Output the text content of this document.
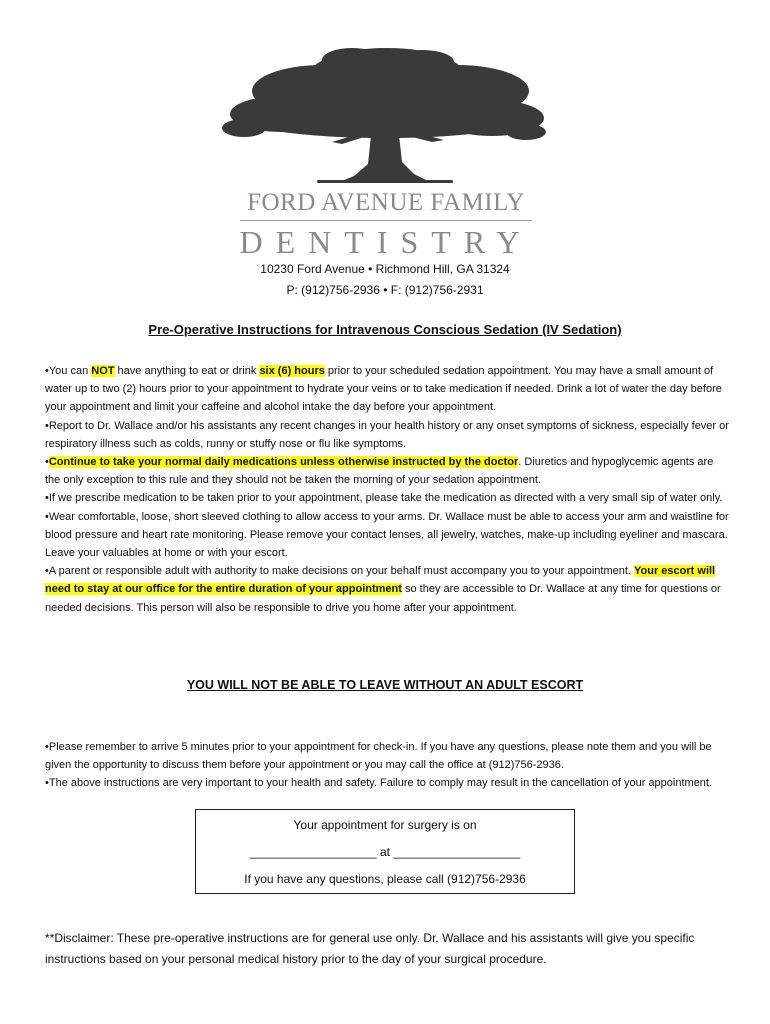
FORD AVENUE FAMILY
DENTISTRY
10230 Ford Avenue • Richmond Hill, GA 31324
P: (912)756-2936 • F: (912)756-2931
Pre-Operative Instructions for Intravenous Conscious Sedation (IV Sedation)

•You can NOT have anything to eat or drink six (6) hours prior to your scheduled sedation appointment. You may have a small amount of water up to two (2) hours prior to your appointment to hydrate your veins or to take medication if needed. Drink a lot of water the day before your appointment and limit your caffeine and alcohol intake the day before your appointment.

•Report to Dr. Wallace and/or his assistants any recent changes in your health history or any onset symptoms of sickness, especially fever or respiratory illness such as colds, runny or stuffy nose or flu like symptoms.

•Continue to take your normal daily medications unless otherwise instructed by the doctor. Diuretics and hypoglycemic agents are the only exception to this rule and they should not be taken the morning of your sedation appointment.

•If we prescribe medication to be taken prior to your appointment, please take the medication as directed with a very small sip of water only.

•Wear comfortable, loose, short sleeved clothing to allow access to your arms. Dr. Wallace must be able to access your arm and waistline for blood pressure and heart rate monitoring. Please remove your contact lenses, all jewelry, watches, make-up including eyeliner and mascara. Leave your valuables at home or with your escort.

•A parent or responsible adult with authority to make decisions on your behalf must accompany you to your appointment. Your escort will need to stay at our office for the entire duration of your appointment so they are accessible to Dr. Wallace at any time for questions or needed decisions. This person will also be responsible to drive you home after your appointment.

YOU WILL NOT BE ABLE TO LEAVE WITHOUT AN ADULT ESCORT

•Please remember to arrive 5 minutes prior to your appointment for check-in. If you have any questions, please note them and you will be given the opportunity to discuss them before your appointment or you may call the office at (912)756-2936.

•The above instructions are very important to your health and safety. Failure to comply may result in the cancellation of your appointment.

Your appointment for surgery is on
___________________ at ___________________
If you have any questions, please call (912)756-2936
**Disclaimer: These pre-operative instructions are for general use only. Dr. Wallace and his assistants will give you specific instructions based on your personal medical history prior to the day of your surgical procedure.
